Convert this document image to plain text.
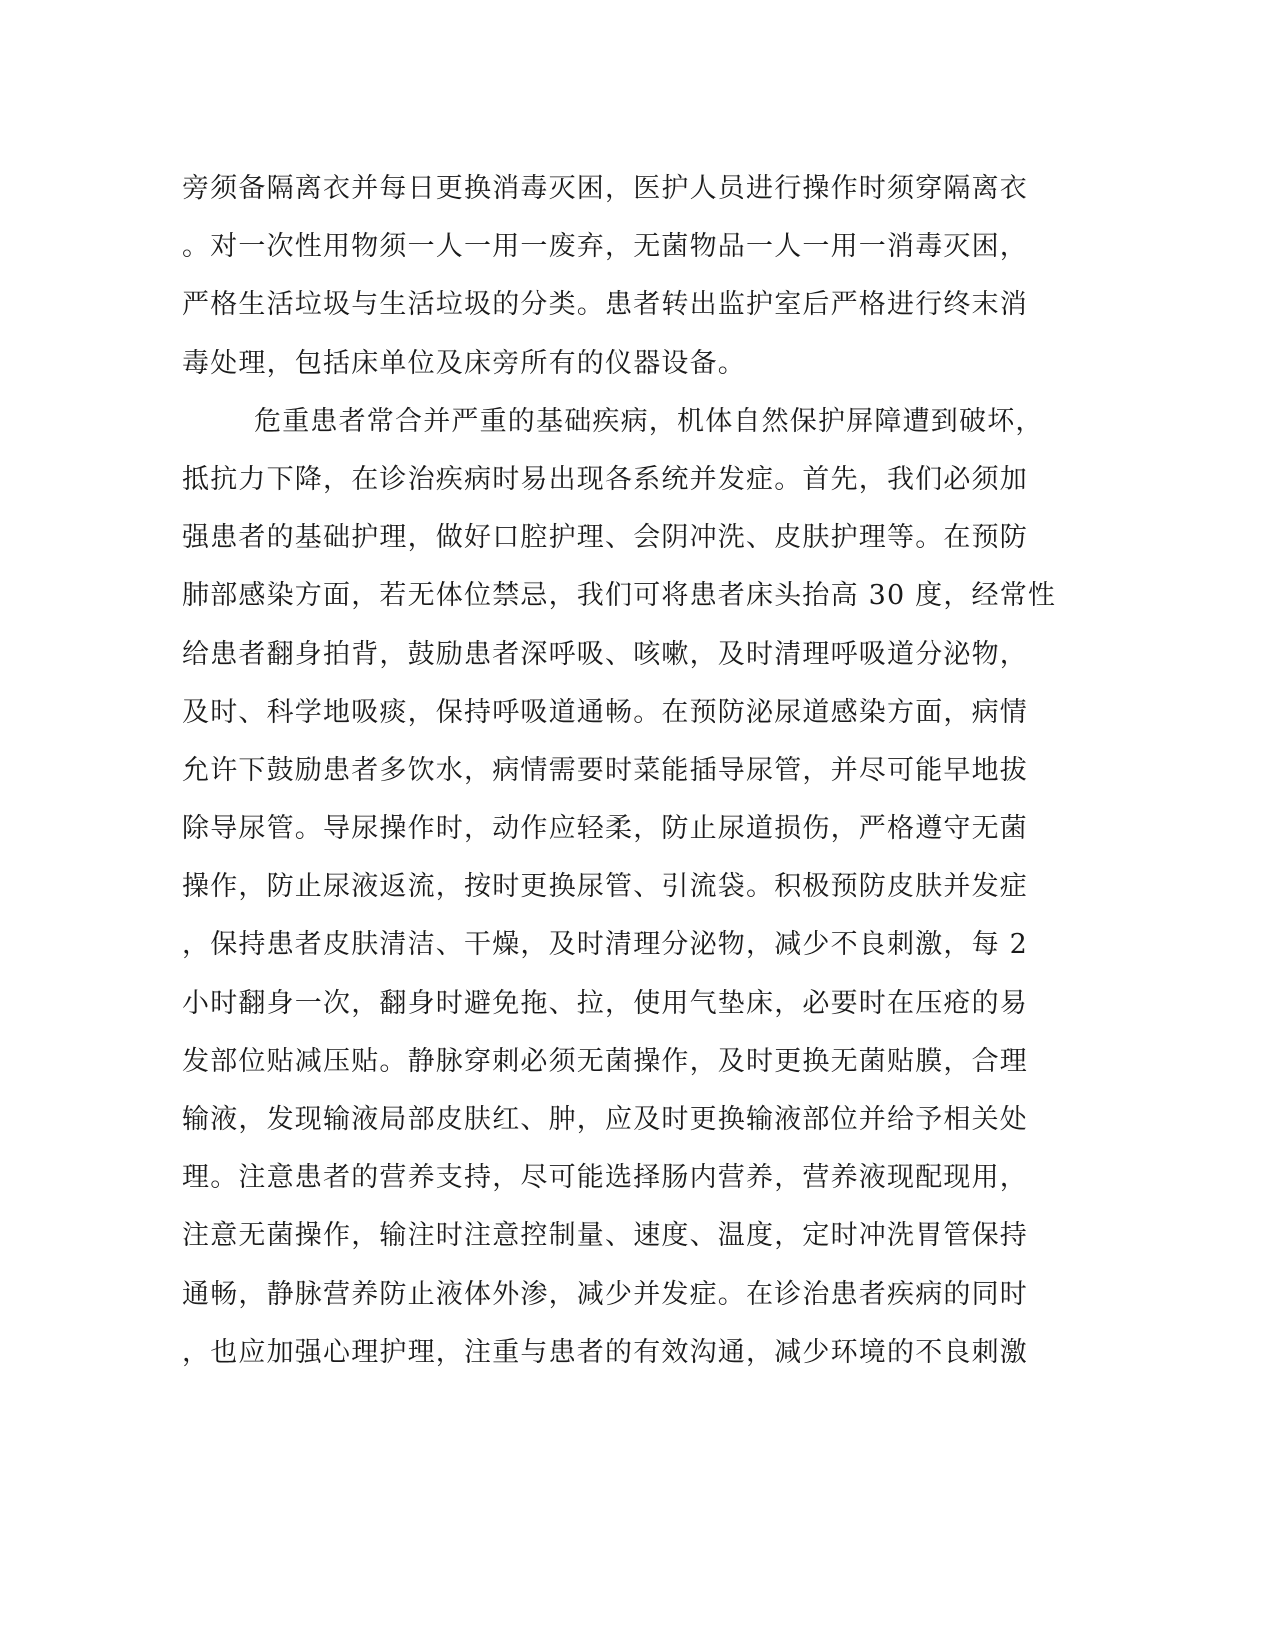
旁须备隔离衣并每日更换消毒灭困，医护人员进行操作时须穿隔离衣
。对一次性用物须一人一用一废弃，无菌物品一人一用一消毒灭困，
严格生活垃圾与生活垃圾的分类。患者转出监护室后严格进行终末消
毒处理，包括床单位及床旁所有的仪器设备。
危重患者常合并严重的基础疾病，机体自然保护屏障遭到破坏，
抵抗力下降，在诊治疾病时易出现各系统并发症。首先，我们必须加
强患者的基础护理，做好口腔护理、会阴冲洗、皮肤护理等。在预防
肺部感染方面，若无体位禁忌，我们可将患者床头抬高 30 度，经常性
给患者翻身拍背，鼓励患者深呼吸、咳嗽，及时清理呼吸道分泌物，
及时、科学地吸痰，保持呼吸道通畅。在预防泌尿道感染方面，病情
允许下鼓励患者多饮水，病情需要时菜能插导尿管，并尽可能早地拔
除导尿管。导尿操作时，动作应轻柔，防止尿道损伤，严格遵守无菌
操作，防止尿液返流，按时更换尿管、引流袋。积极预防皮肤并发症
，保持患者皮肤清洁、干燥，及时清理分泌物，减少不良刺激，每 2
小时翻身一次，翻身时避免拖、拉，使用气垫床，必要时在压疮的易
发部位贴减压贴。静脉穿刺必须无菌操作，及时更换无菌贴膜，合理
输液，发现输液局部皮肤红、肿，应及时更换输液部位并给予相关处
理。注意患者的营养支持，尽可能选择肠内营养，营养液现配现用，
注意无菌操作，输注时注意控制量、速度、温度，定时冲洗胃管保持
通畅，静脉营养防止液体外渗，减少并发症。在诊治患者疾病的同时
，也应加强心理护理，注重与患者的有效沟通，减少环境的不良刺激
